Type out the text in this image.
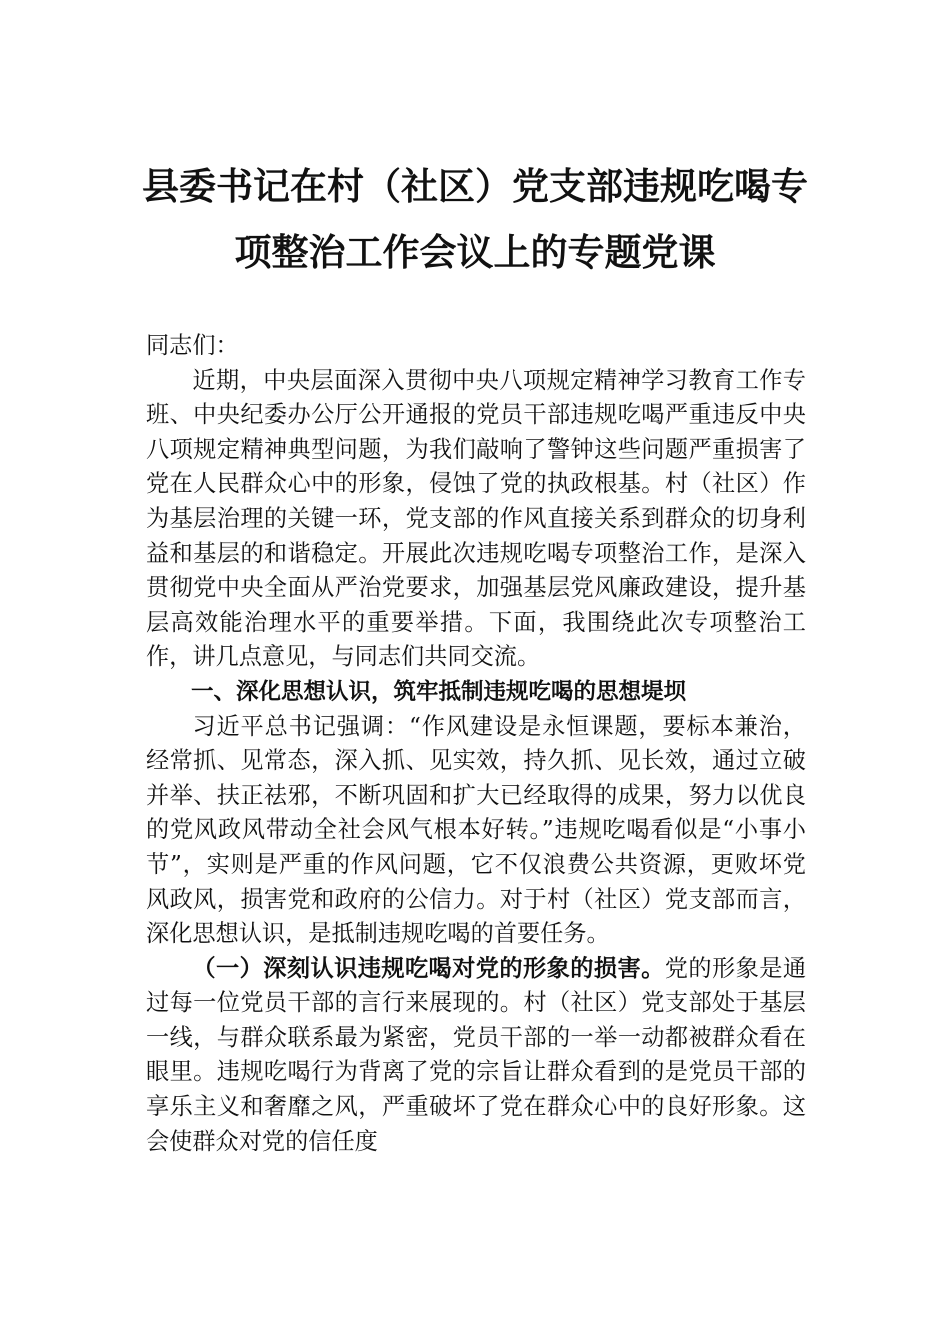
县委书记在村（社区）党支部违规吃喝专
项整治工作会议上的专题党课

同志们：

近期，中央层面深入贯彻中央八项规定精神学习教育工作专班、中央纪委办公厅公开通报的党员干部违规吃喝严重违反中央八项规定精神典型问题，为我们敲响了警钟这些问题严重损害了党在人民群众心中的形象，侵蚀了党的执政根基。村（社区）作为基层治理的关键一环，党支部的作风直接关系到群众的切身利益和基层的和谐稳定。开展此次违规吃喝专项整治工作，是深入贯彻党中央全面从严治党要求，加强基层党风廉政建设，提升基层高效能治理水平的重要举措。下面，我围绕此次专项整治工作，讲几点意见，与同志们共同交流。

一、深化思想认识，筑牢抵制违规吃喝的思想堤坝

习近平总书记强调：“作风建设是永恒课题，要标本兼治，经常抓、见常态，深入抓、见实效，持久抓、见长效，通过立破并举、扶正祛邪，不断巩固和扩大已经取得的成果，努力以优良的党风政风带动全社会风气根本好转。”违规吃喝看似是“小事小节”，实则是严重的作风问题，它不仅浪费公共资源，更败坏党风政风，损害党和政府的公信力。对于村（社区）党支部而言，深化思想认识，是抵制违规吃喝的首要任务。

（一）深刻认识违规吃喝对党的形象的损害。党的形象是通过每一位党员干部的言行来展现的。村（社区）党支部处于基层一线，与群众联系最为紧密，党员干部的一举一动都被群众看在眼里。违规吃喝行为背离了党的宗旨让群众看到的是党员干部的享乐主义和奢靡之风，严重破坏了党在群众心中的良好形象。这会使群众对党的信任度
